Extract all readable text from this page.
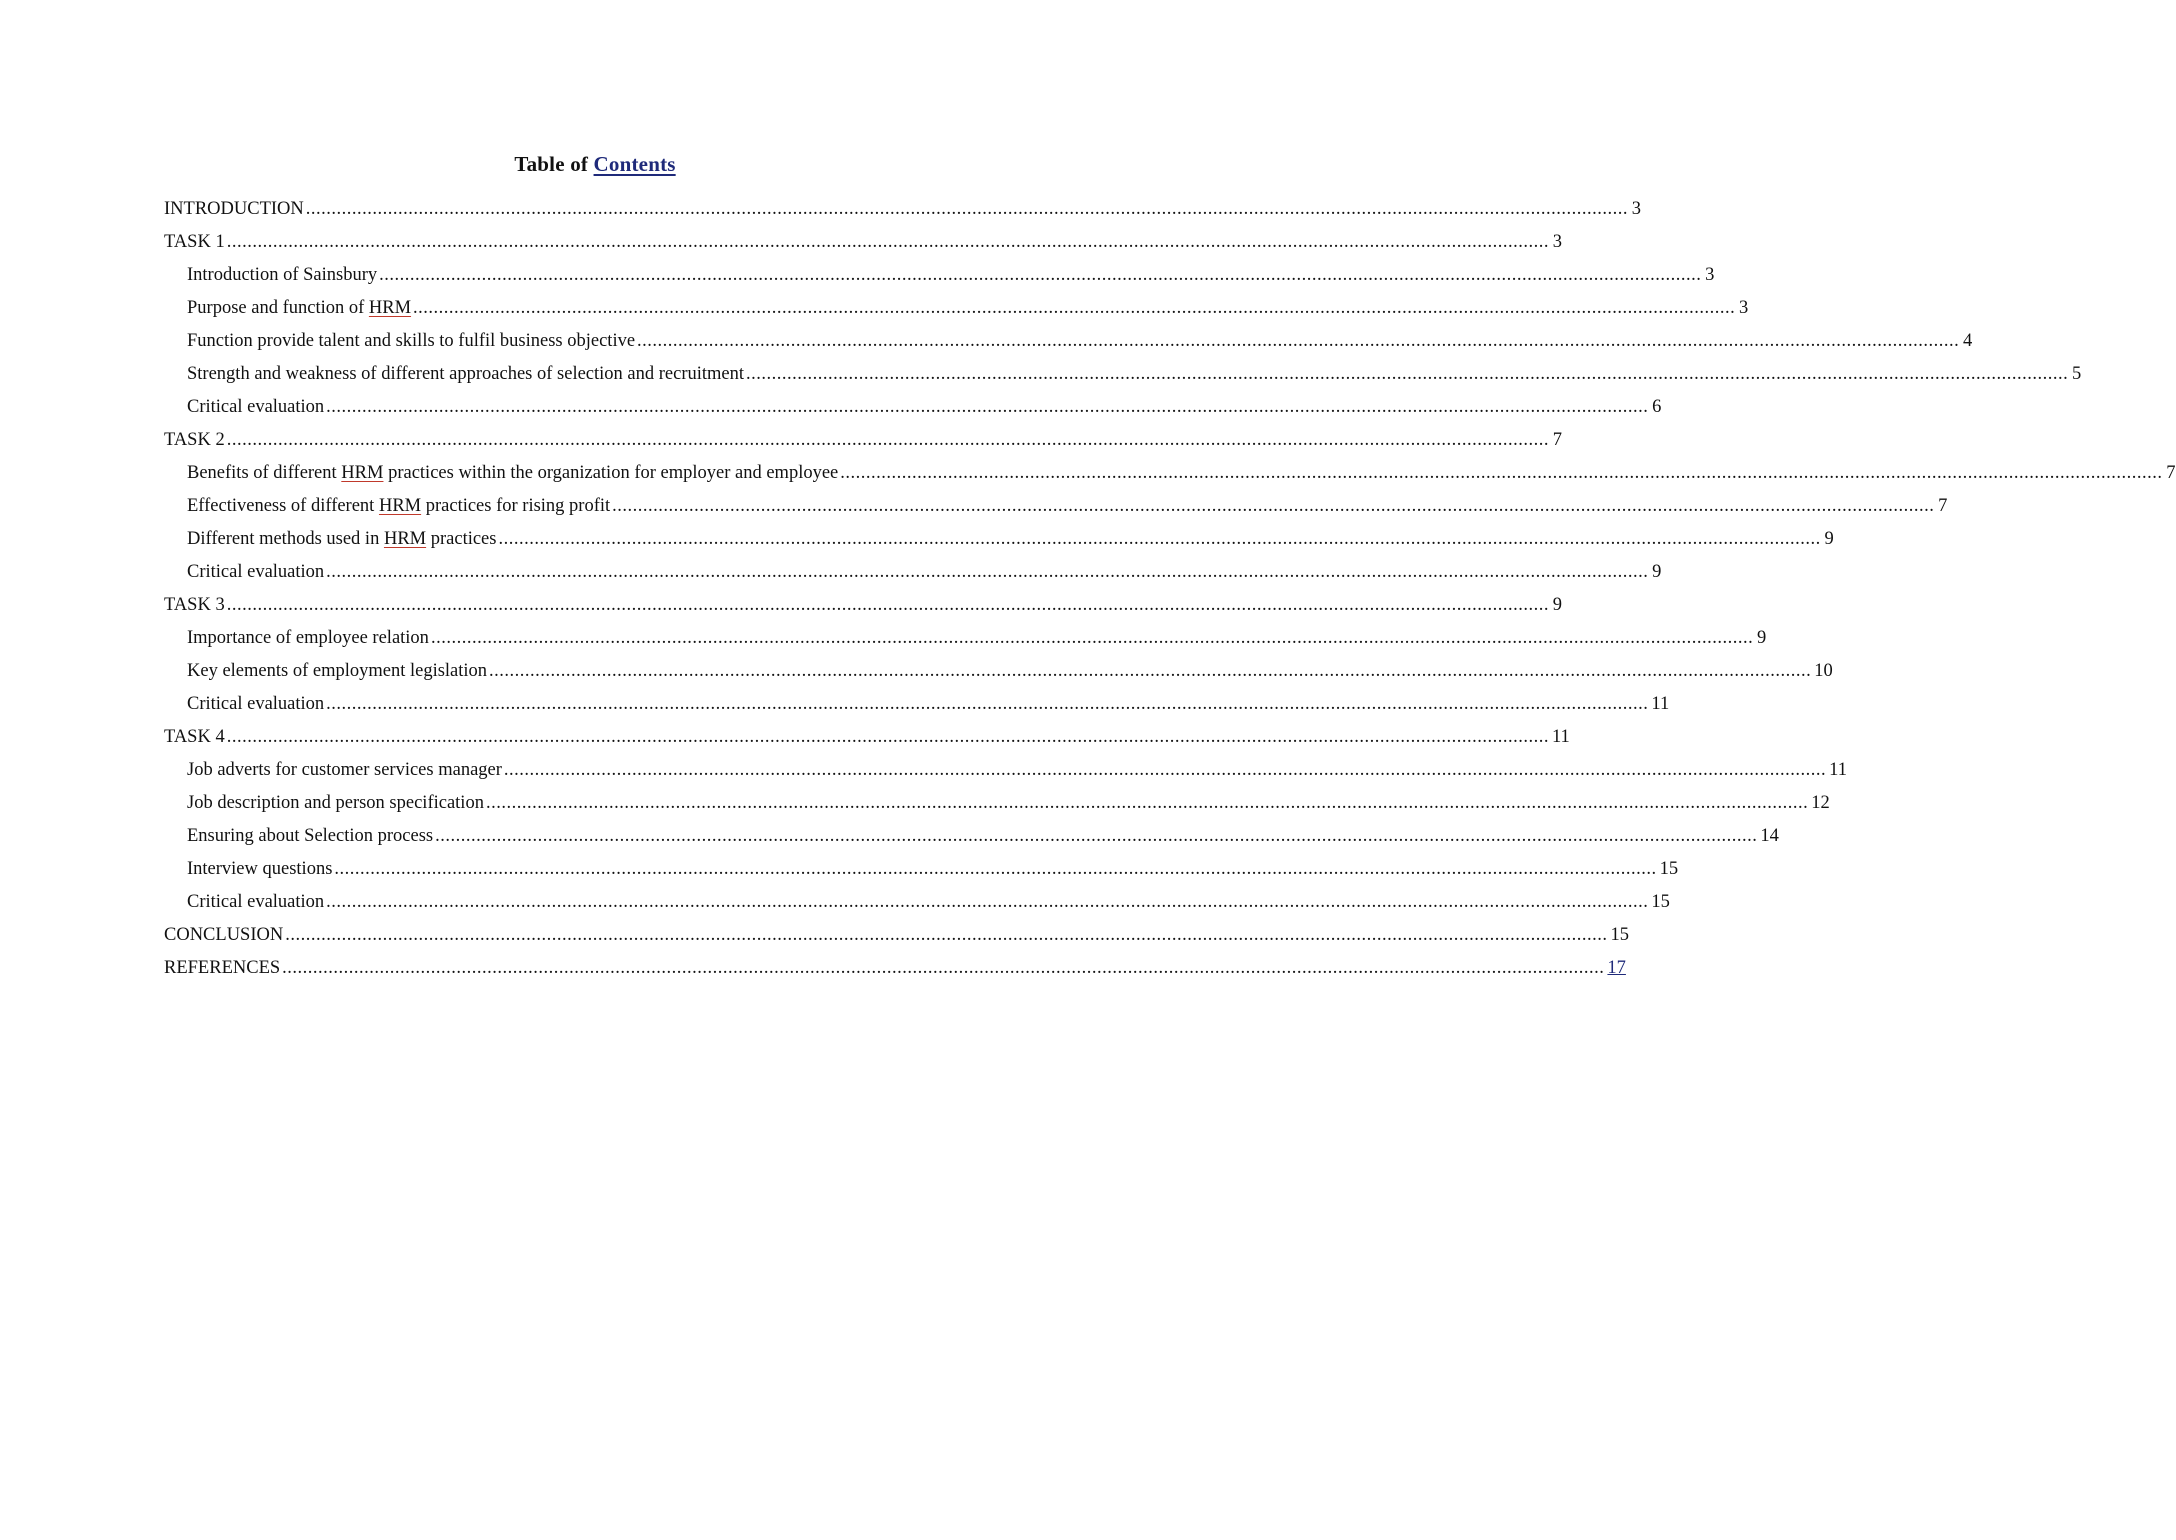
Table of Contents
INTRODUCTION .....	3
TASK 1 .....	3
Introduction of Sainsbury .....	3
Purpose and function of HRM .....	3
Function provide talent and skills to fulfil business objective .....	4
Strength and weakness of different approaches of selection and recruitment .....	5
Critical evaluation .....	6
TASK 2 .....	7
Benefits of different HRM practices within the organization for employer and employee .....	7
Effectiveness of different HRM practices for rising profit .....	7
Different methods used in HRM practices .....	9
Critical evaluation .....	9
TASK 3 .....	9
Importance of employee relation .....	9
Key elements of employment legislation .....	10
Critical evaluation .....	11
TASK 4 .....	11
Job adverts for customer services manager .....	11
Job description and person specification .....	12
Ensuring about Selection process .....	14
Interview questions .....	15
Critical evaluation .....	15
CONCLUSION .....	15
REFERENCES .....	17
